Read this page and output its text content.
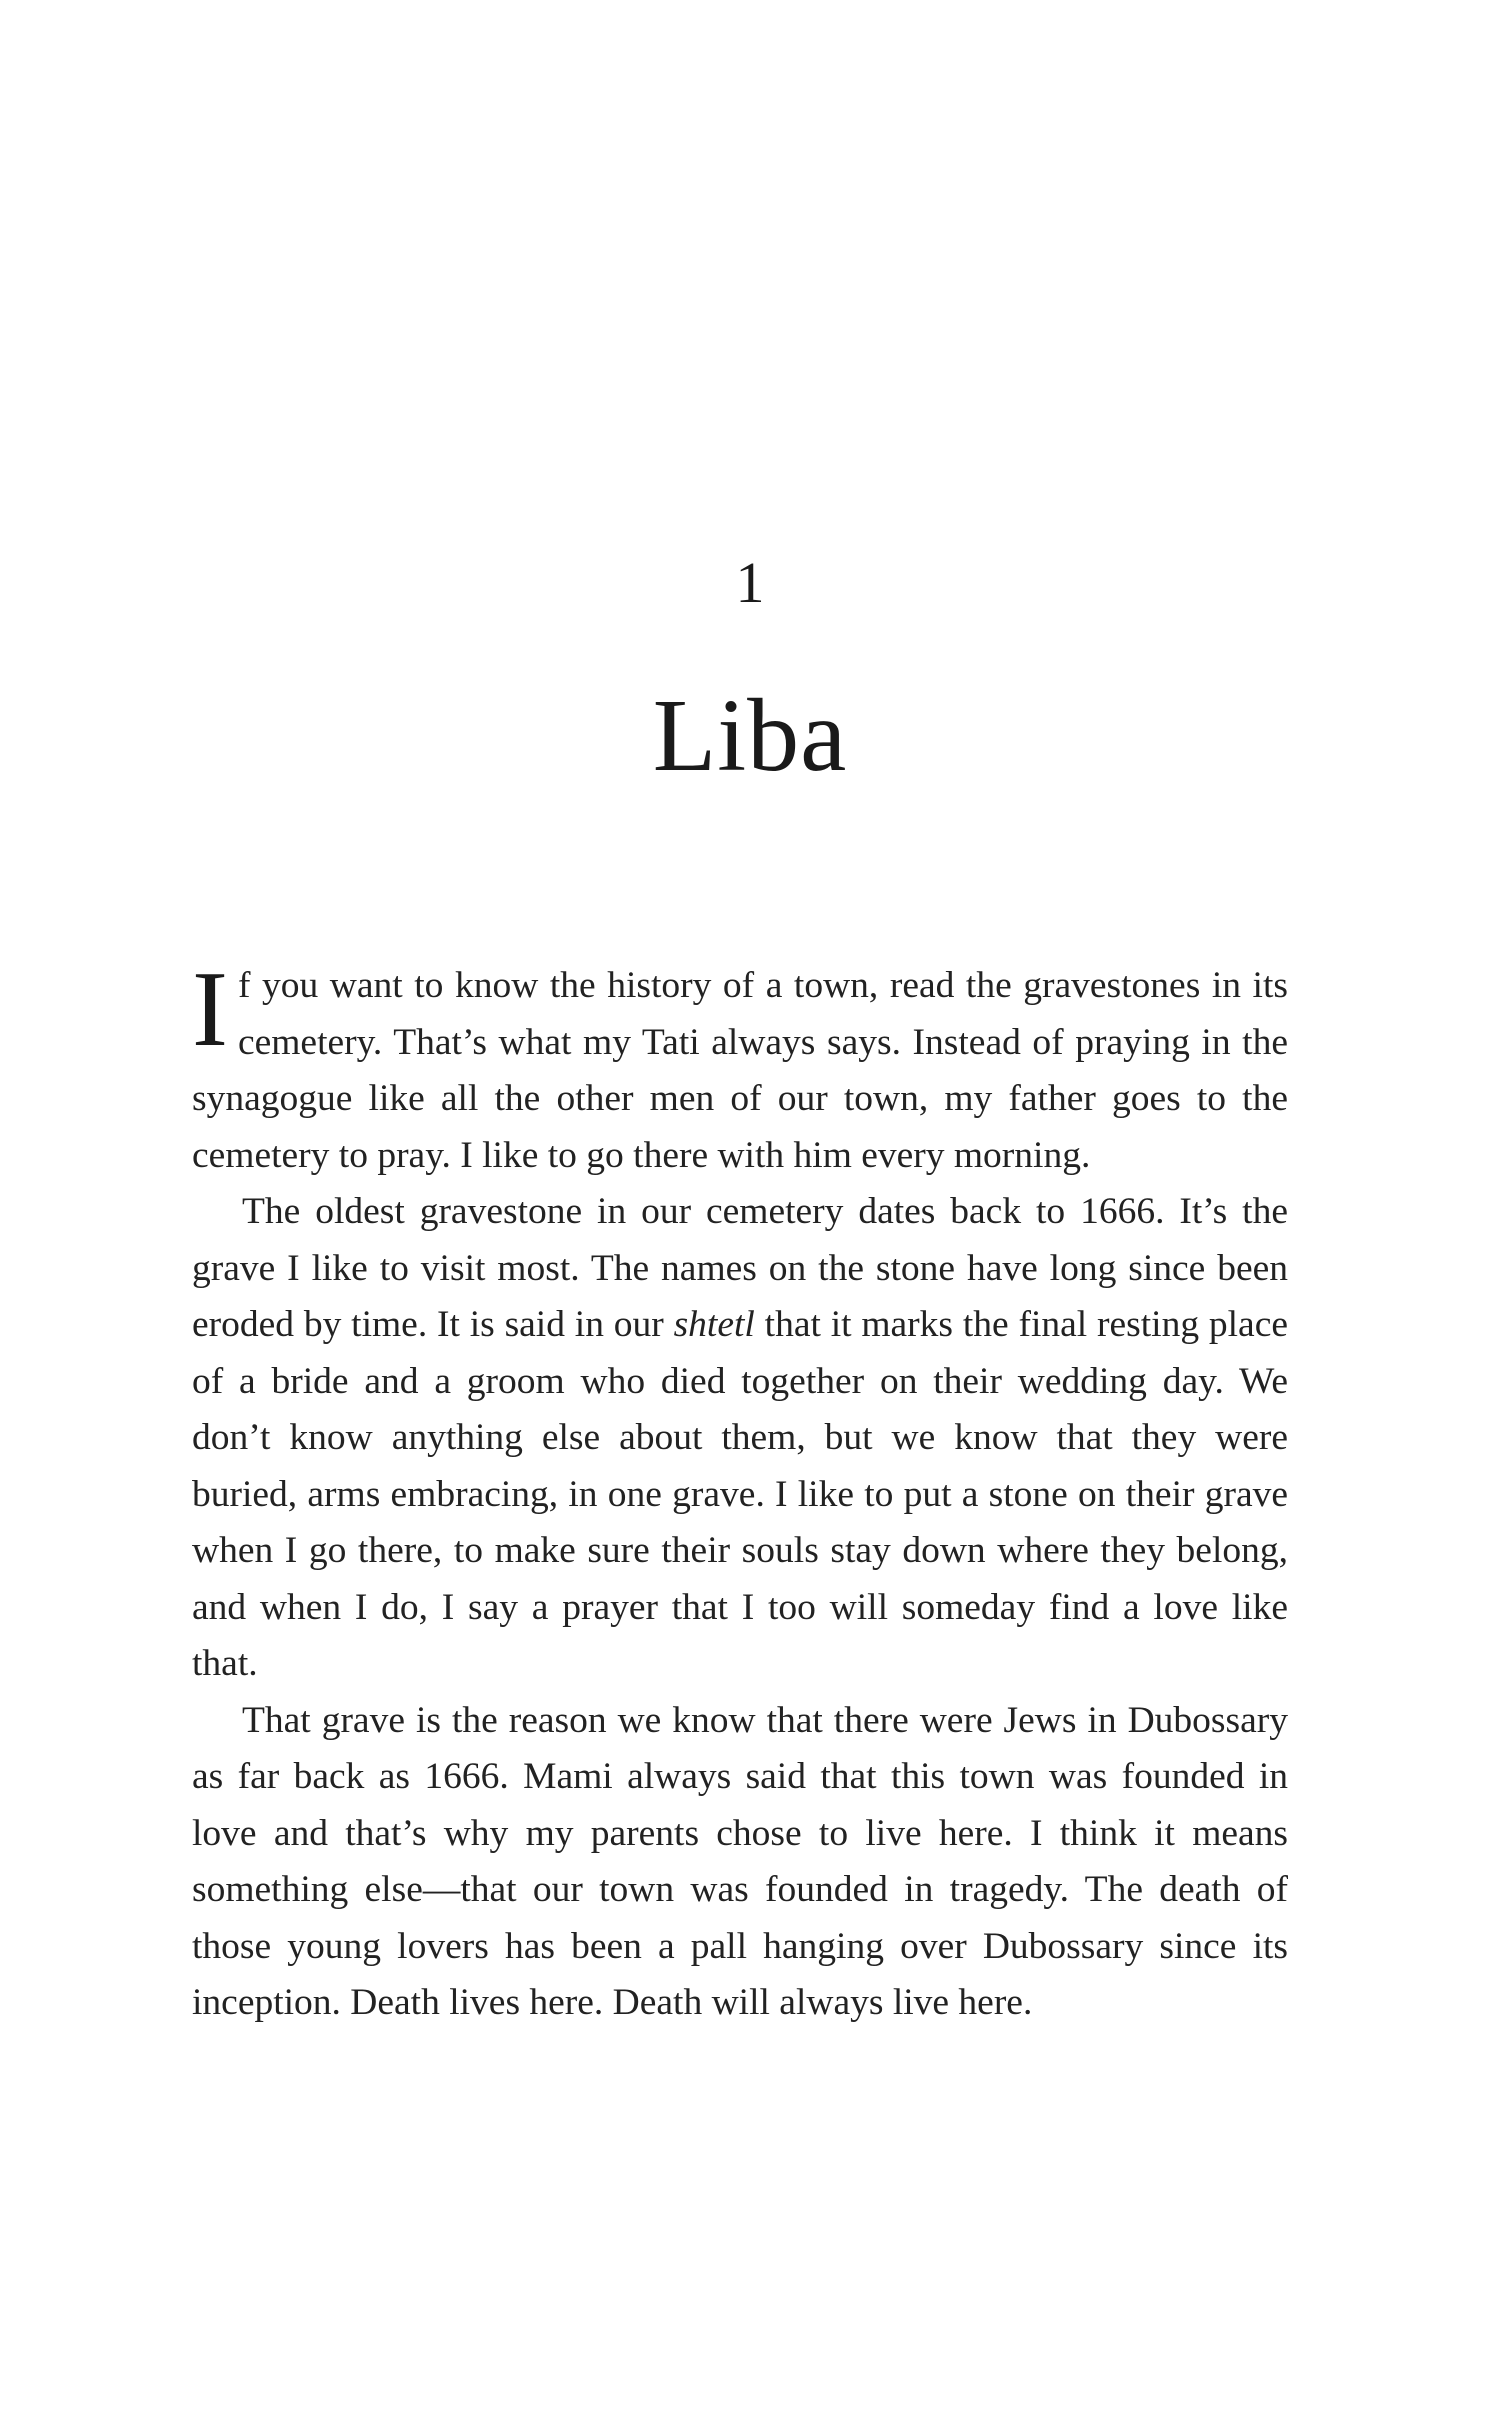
1
Liba

If you want to know the history of a town, read the gravestones in its cemetery. That’s what my Tati always says. Instead of praying in the synagogue like all the other men of our town, my father goes to the cemetery to pray. I like to go there with him every morning.

The oldest gravestone in our cemetery dates back to 1666. It’s the grave I like to visit most. The names on the stone have long since been eroded by time. It is said in our shtetl that it marks the final resting place of a bride and a groom who died together on their wedding day. We don’t know anything else about them, but we know that they were buried, arms embracing, in one grave. I like to put a stone on their grave when I go there, to make sure their souls stay down where they belong, and when I do, I say a prayer that I too will someday find a love like that.

That grave is the reason we know that there were Jews in Dubossary as far back as 1666. Mami always said that this town was founded in love and that’s why my parents chose to live here. I think it means something else—that our town was founded in tragedy. The death of those young lovers has been a pall hanging over Dubossary since its inception. Death lives here. Death will always live here.
